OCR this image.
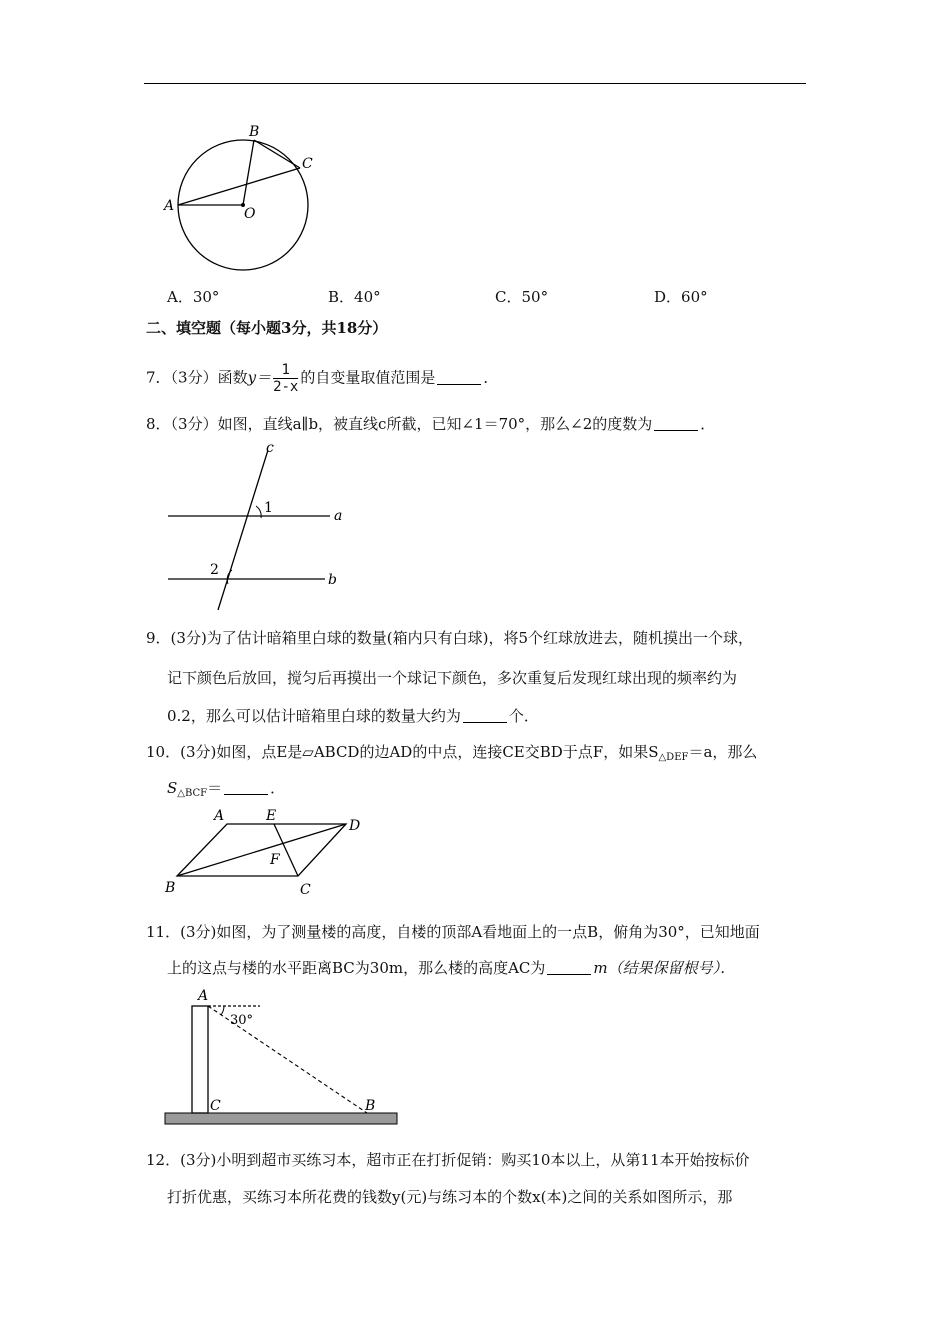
A
B
C
O
A．30°	B．40°	C．50°	D．60°
二、填空题（每小题3分，共18分）
7．（3分）函数$y= \frac{1}{2-x}$ 的自变量取值范围是	．
8．（3分）如图，直线a∥b，被直线c所截，已知∠1＝70°，那么∠2的度数为	．
c
1	a
2
b
9．(3分)为了估计暗箱里白球的数量(箱内只有白球)，将5个红球放进去，随机摸出一个球，
记下颜色后放回，搅匀后再摸出一个球记下颜色，多次重复后发现红球出现的频率约为
0.2，那么可以估计暗箱里白球的数量大约为	个．
10．(3分)如图，点E是▱ABCD的边AD的中点，连接CE交BD于点F，如果$S_{\triangle DEF}=a$，那么
$S_{\triangle BCF}=$	．
A	E
D
F
B	C
11．(3分)如图，为了测量楼的高度，自楼的顶部A看地面上的一点B，俯角为30°，已知地面
上的这点与楼的水平距离BC为30m，那么楼的高度AC为	m（结果保留根号）．
A
30°
C	B
12．(3分)小明到超市买练习本，超市正在打折促销：购买10本以上，从第11本开始按标价
打折优惠，买练习本所花费的钱数y(元)与练习本的个数x(本)之间的关系如图所示，那
